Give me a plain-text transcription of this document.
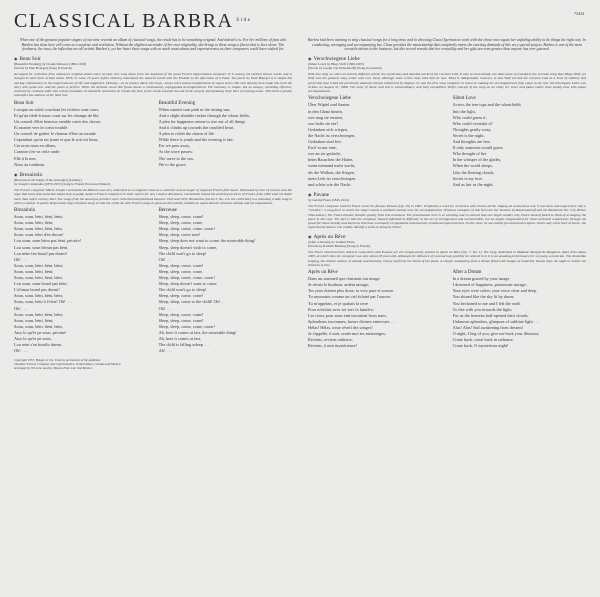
CLASSICAL BARBRA $^{Side}$
73424

When one of the greatest popular singers of our time records an album of classical songs, the result has to be something original. And indeed it is. For her millions of fans who Barbra has done here will come as a surprise and revelation. Without the slightest surrender of her own originality, she brings to these songs a flavor that is hers alone. The freshness, the trust, the inflection are all artistic Barbra's; yet her heart these songs with as much musicalness and expressiveness as their composers could have wished for.

◉ Beau Soir
(Beautiful Evening) by Claude Debussy (1862-1918)
(Words by Paul Bourget) (Song in French)

Arranged for orchestra from Debussy's original piano-voice version, this song dates from the boyhood of the great French impressionist composer. It is among his earliest known works and is thought to have been written about 1878, or some 16 years before Debussy astonished the musical world with his Prelude to the Afternoon of a Faun. The poem by Paul Bourget is a simple but moving commentary on the impermanence of life and happiness. Debussy—as he always did in his songs—keeps voice and accompaniment on equal terms. His vast dynasty here made him treat the entry into good over and the poem is perfect. While the delicate vocal line floats above a continuously arpeggiated accompaniment. The harmony is simple, but as always, ravishing effective, achieved by constant shifts into remote tonalities. It should be noted that he retains the flow of the words towards the end of the song by interpolating three bars of ensuing music. This device greatly intensifies the sadness of the final line.

Beau Soir
Lorsque au soleil couchant les rivières sont roses,
Et qu'un tiède frisson court sur les champs de blé,
Un conseil d'être heureux semble sortir des choses
Et monter vers le coeur troublé.
Un conseil de goûter le charme d'être au monde
Cependant qu'on est jeune et que le soir est beau,
Car nous nous en allons,
Comme s'en va cette onde:
Elle à la mer,
Nous au tombeau.
Beautiful Evening
When sunsets turn pink in the setting sun,
And a slight shudder rushes through the wheat fields,
A plea for happiness seems to rise out of all things
And it climbs up towards the troubled heart.
A plea to relish the charm of life
While there is youth and the evening is fair,
For we pass away,
As the wave passes:
The wave to the sea,
We to the grave.
◉ Brezairola
(Berceuse from Songs of the Auvergne) (Lullaby)
by Joseph Canteloube (1879-1957) (Song in French Provencal Dialect)

The French composer Marie-Joseph Canteloube de Malaret was very interested as a composer than as a collector and arranger of regional French folk music. Motivated by love of country and the hope that those folk materials might help to guide modern French composers in their search for new creative directions, Canteloube toured the ancient provinces of France from 1900 until his death more than half a century later. The songs from the Auvergne province were collected and published between 1923 and 1955. Brezairola (Series 3, No. 4 in the collection) is a humming cradle song in which a mother in gentle desperation begs reluctant sleep to visit her child. As with French songs in general, this lullaby exhibits an equal balance between melody and accompaniment.

Brezairola
Soun, soun, bèni, bèni, bèni;
Soun, soun, bèni, bèni;
Soun, soun, bèni, bèni, bèni,
Soun, soun, bèni d'en docon!
Lou soun, soun bèou pas bèni, pécaïre!
Lou soun, soun bèoun pas bèni,
Lou néne fen bouol pas durmi!
Oh! . . .
Soun, soun, bèni, bèni, bèni;
Soun, soun, bèni, bèni;
Soun, soun, bèni, bèni, bèni,
Lou soun, soun bouol pas bèni,
L'efonou bouol pas durmi!
Soun, soun, bèni, bèni, bèni;
Soun, soun, bèni à l'efon! Oh! . . .
Oh! . . .
Soun, soun, bèni, bèni, bèni;
Soun, soun, bèni, bèni;
Soun, soun, bèni, bèni, bèni,
Atso lo qu'és pe soun, pécaïre!
Atso lo qu'és pe soun,
Lou néni s'en bouèlo durmi.
Oh! . . .
Berceuse
Sleep, sleep, come, come!
Sleep, sleep, come, come,
Sleep, sleep, come, come, come!
Sleep, sleep, come now!
Sleep, sleep does not want to come, the miserable thing!
Sleep, sleep doesn't wish to come,
The child won't go to sleep!
Oh! . . .
Sleep, sleep, come, come!
Sleep, sleep, come, come,
Sleep, sleep, come, come, come!
Sleep, sleep doesn't want to come,
The child won't go to sleep!
Sleep, sleep, come, come!
Sleep, sleep, come to the child! Oh! . . .
Oh! . . .
Sleep, sleep, come, come!
Sleep, sleep, come, come!
Sleep, sleep, come, come, come!
Ah, here it comes at last, the miserable thing!
Ah, here it comes at last,
The child is falling asleep . . .
Ah! . . .
Copyright 1957, Heugel et Cie. Used by permission of the publisher.
Theodore Presser Company sole representative. United States, Canada and Mexico.
Arranged by Oli to be used by Mexico Publ. Ltd. Usd Mexico

Barbra had been wanting to sing classical songs for a long time, and in choosing Claus Ogerman to work with she chose once again her unfailing ability to do things the right way. In conducting, arranging and accompanying her, Claus provides the musicianship that completely meets the exacting demands of this very special project. Barbra is one of the most versatile talents in the business, but this record reveals that her versatility and her gifts are even greater than anyone has ever guessed.

◉ Verschwiegene Liebe
(Silent Love) by Hugo Wolf (1860-1903)
(Words by Joseph von Eichendorff) (Song in German)

With this song we enter an entirely different world, the mysterious and haunted world of the German Lied. It may be that nobody has done more to transform the German song than Hugo Wolf, yet Wolf was the greatest song writer who ever lived, although some critics have held that he was. What is indisputable, however, is that Wolf carried the German Lied to a level of subtlety and perfection that it had not previously attained. Deeply influenced by Wagner, he was the first song composer to insist on making the accompaniment fully equal to the text. Verschwiegene Liebe was written on August 31, 1888. The unity of music and text is extraordinary, and fully exemplifies Wolf's concept of the song as an entity for voice and piano rather than simply tune with piano accompaniment.

Verschwiegene Liebe
Über Wipfel und Saaten
in den Glanz hinein,
wer mag sie erraten,
wer holte sie ein?
Gedanken sich wiegen,
die Nacht ist verschwiegen,
Gedanken sind frei.
Errit' er nur eine,
wer an sie gedacht,
beim Rauschen der Haine,
wenn niemand mehr wacht,
als die Wolken, die fliegen,
mein Lieb ist verschwiegen
und schön wie die Nacht.
Silent Love
Across the tree tops and the wheatfields
Into the light,
Who could guess it,
Who could overtake it?
Thoughts gently sway,
Secret is the night,
And thoughts are free.
If only someone would guess
Who thought of her
In the whisper of the glades,
When the world sleeps,
Like the fleeting clouds,
Secret is my love
And as fair as the night.
◉ Pavane
by Gabriel Fauré (1845-1924)

The French composer Gabriel Fauré wrote his famous Pavane (Op. 50) in 1887. Originally a work for orchestra with chorus ad lib. singing an anonymous text, it has been rearranged here into a "vocalise," a song form in which the singer chants a wordless melody over the accompaniment. (Famous examples of this form are the Vocalise by Rachmaninoff and the Bachianas No. 5 by Heitor Villa-Lobos.) The Fauré Pavane benefits greatly from this treatment. The presentation here is so soothing and so natural that one might wonder why Fauré himself failed to think of arranging the piece in this way. The fact is that the composer himself admitted to difficulty in the art of arrangement and orchestration, but he amply compensated for these technical weaknesses through his powerful vision melody and harmony that have a uniquely recognizable and intensely emotional expressiveness. In this, also, he was totally personal and original. Given only a few bars of music, the experienced listener can readily identify a work as being by Fauré.

◉ Après un Rêve
(After a Dream), by Gabriel Fauré
(Words by Romain Bussine) (Song in French)

The Fauré characteristics noted in connection with Pavane are all conspicuously present in Après un Rêve (Op. 7, No. 1). The song, dedicated to Madame Marguerite Baugnies, dates from about 1865, at which time the composer was only about 20 years old. Although the influence of Gounod may possibly be noticed in it, it is an amazing performance for so young a musician. The dreamlike longing, the intense anxiety of melody and harmony convey perfectly the intent of the poem. A sleeper awakening from a dream filled with images of unearthly beauty begs the night to restore his illusions to him.

Après un Rêve
Dans un sommeil que charmait ton image
Je rêvais le bonheur, ardent mirage;
Tes yeux étaient plus doux, ta voix pure et sonore.
Tu rayonnais comme un ciel éclairé par l'aurore;
Tu m'appelais, et je quittais la terre
Pour m'enfuir avec toi vers la lumière;
Les cieux pour nous entr'ouvraient leurs nues,
Splendeurs inconnues, lueurs divines entrevues . . .
Hélas! Hélas, triste réveil des songes!
Je t'appelle, ô nuit, rends-moi tes mensonges;
Reviens, reviens radieuse,
Reviens, ô nuit mystérieuse!
After a Dream
In a dream graced by your image
I dreamed of happiness, passionate mirage;
Your eyes were softer, your voice clear and deep.
You shined like the sky lit by dawn;
You beckoned to me and I left the earth
To flee with you towards the light;
For us the heavens half-opened their clouds,
Unknown splendors, glimpses of sublime light . . .
Alas! Alas! Sad awakening from dreams!
O night, I beg of you, give me back your illusions;
Come back, come back in radiance,
Come back, O mysterious night!
